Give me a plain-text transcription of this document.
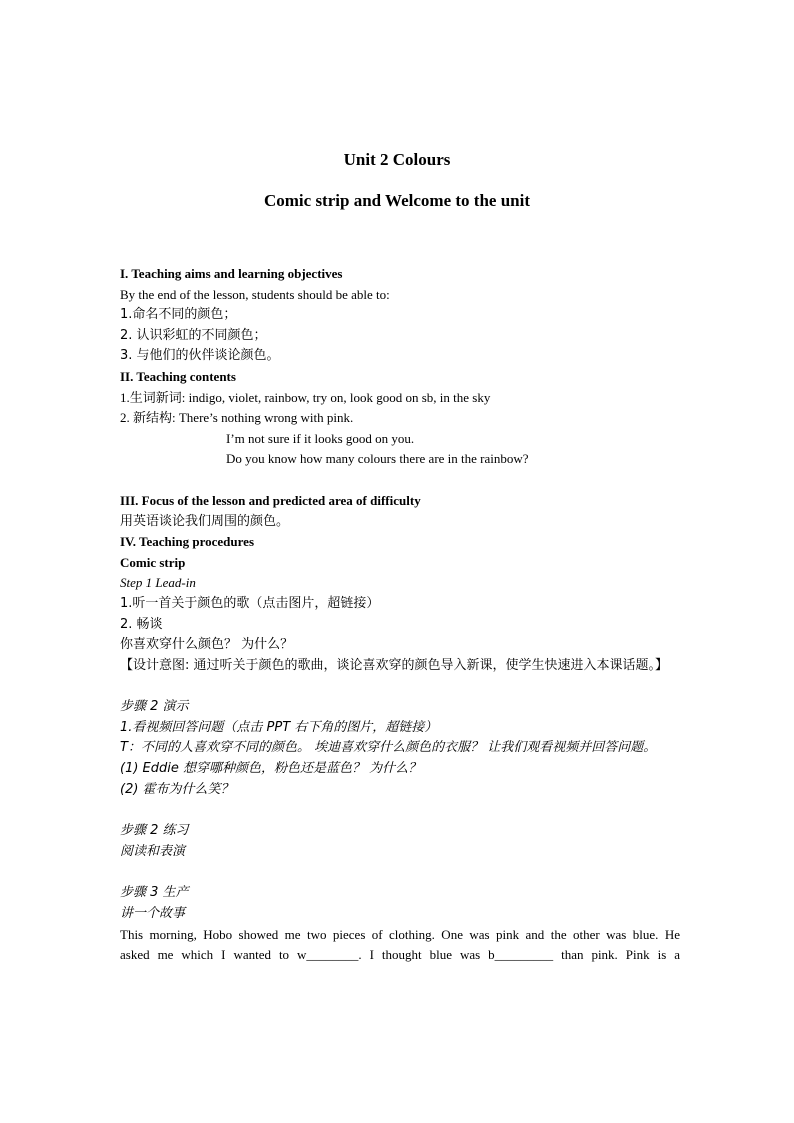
Unit 2 Colours
Comic strip and Welcome to the unit
I. Teaching aims and learning objectives
By the end of the lesson, students should be able to:
1.命名不同的颜色；
2. 认识彩虹的不同颜色；
3. 与他们的伙伴谈论颜色。
II. Teaching contents
1.生词新词: indigo, violet, rainbow, try on, look good on sb, in the sky
2. 新结构: There’s nothing wrong with pink.
I’m not sure if it looks good on you.
Do you know how many colours there are in the rainbow?
III. Focus of the lesson and predicted area of difficulty
用英语谈论我们周围的颜色。
IV. Teaching procedures
Comic strip
Step 1 Lead-in
1.听一首关于颜色的歌（点击图片，超链接）
2. 畅谈
你喜欢穿什么颜色？ 为什么？
【设计意图: 通过听关于颜色的歌曲，谈论喜欢穿的颜色导入新课，使学生快速进入本课话题。】
步骤 2 演示
1.看视频回答问题（点击 PPT 右下角的图片，超链接）
T：不同的人喜欢穿不同的颜色。 埃迪喜欢穿什么颜色的衣服？ 让我们观看视频并回答问题。
(1) Eddie 想穿哪种颜色，粉色还是蓝色？ 为什么？
(2) 霍布为什么笑？
步骤 2 练习
阅读和表演
步骤 3 生产
讲一个故事
This morning, Hobo showed me two pieces of clothing. One was pink and the other was blue. He
asked me which I wanted to w________. I thought blue was b_________ than pink. Pink is a
